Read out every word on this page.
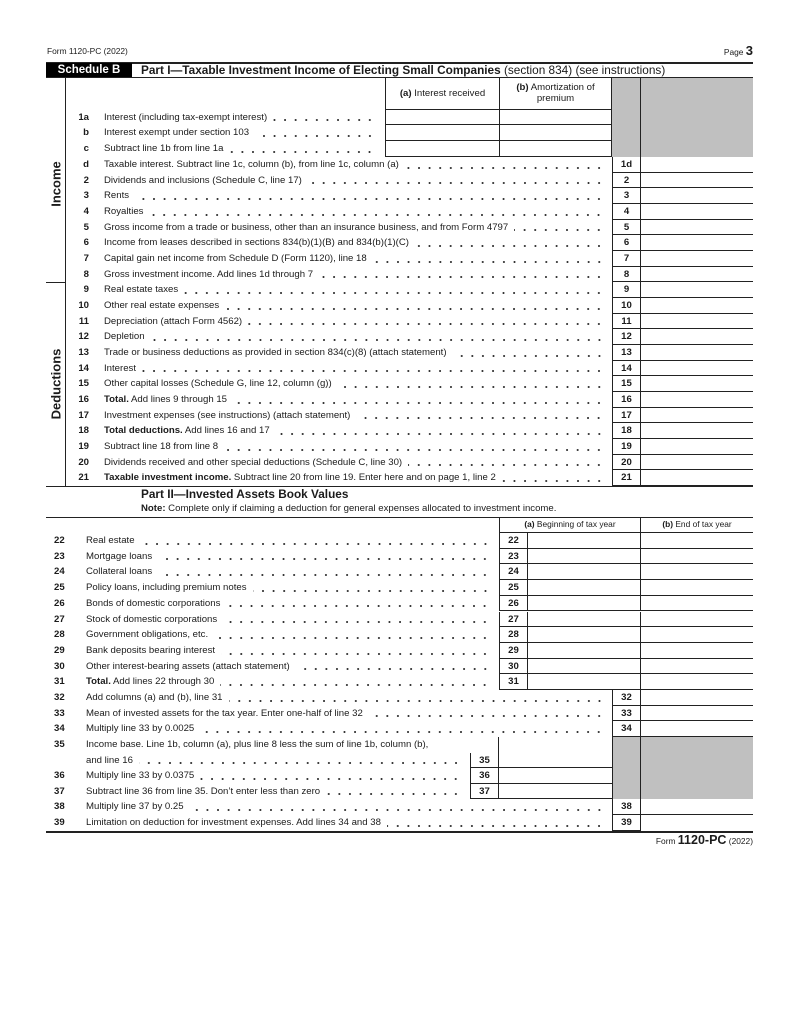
Form 1120-PC (2022)	Page 3
Schedule B	Part I—Taxable Investment Income of Electing Small Companies (section 834) (see instructions)
Income
Deductions
(a) Interest received	(b) Amortization of premium
1a Interest (including tax-exempt interest)
b Interest exempt under section 103
c Subtract line 1b from line 1a
d Taxable interest. Subtract line 1c, column (b), from line 1c, column (a)	1d
2 Dividends and inclusions (Schedule C, line 17)	2
3 Rents	3
4 Royalties	4
5 Gross income from a trade or business, other than an insurance business, and from Form 4797	5
6 Income from leases described in sections 834(b)(1)(B) and 834(b)(1)(C)	6
7 Capital gain net income from Schedule D (Form 1120), line 18	7
8 Gross investment income. Add lines 1d through 7	8
9 Real estate taxes	9
10 Other real estate expenses	10
11 Depreciation (attach Form 4562)	11
12 Depletion	12
13 Trade or business deductions as provided in section 834(c)(8) (attach statement)	13
14 Interest	14
15 Other capital losses (Schedule G, line 12, column (g))	15
16 Total. Add lines 9 through 15	16
17 Investment expenses (see instructions) (attach statement)	17
18 Total deductions. Add lines 16 and 17	18
19 Subtract line 18 from line 8	19
20 Dividends received and other special deductions (Schedule C, line 30)	20
21 Taxable investment income. Subtract line 20 from line 19. Enter here and on page 1, line 2	21
Part II—Invested Assets Book Values
Note: Complete only if claiming a deduction for general expenses allocated to investment income.
(a) Beginning of tax year	(b) End of tax year
22	Real estate	22
23	Mortgage loans	23
24	Collateral loans	24
25	Policy loans, including premium notes	25
26	Bonds of domestic corporations	26
27	Stock of domestic corporations	27
28	Government obligations, etc.	28
29	Bank deposits bearing interest	29
30	Other interest-bearing assets (attach statement)	30
31	Total. Add lines 22 through 30	31
32	Add columns (a) and (b), line 31	32
33	Mean of invested assets for the tax year. Enter one-half of line 32	33
34	Multiply line 33 by 0.0025	34
35	Income base. Line 1b, column (a), plus line 8 less the sum of line 1b, column (b),
and line 16	35
36	Multiply line 33 by 0.0375	36
37	Subtract line 36 from line 35. Don’t enter less than zero	37
38	Multiply line 37 by 0.25	38
39	Limitation on deduction for investment expenses. Add lines 34 and 38	39
Form 1120-PC (2022)
